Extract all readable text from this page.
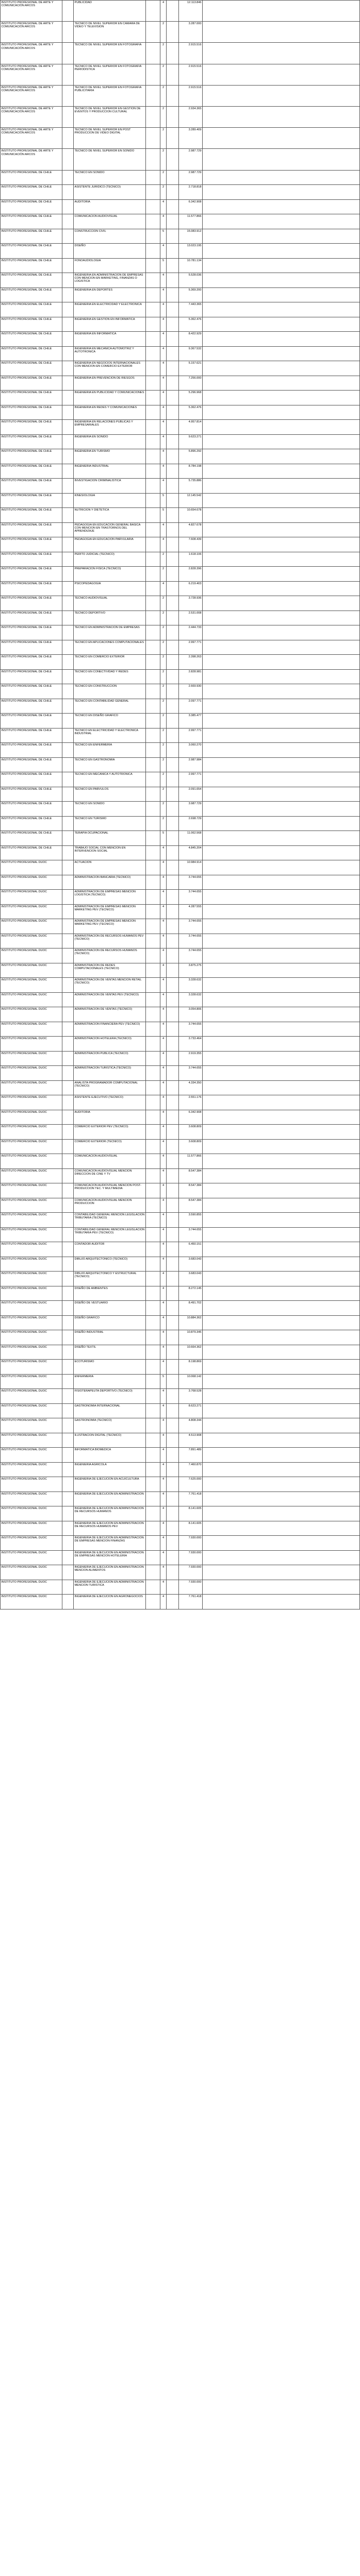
INSTITUTO PROFESIONAL DE ARTE Y COMUNICACIÓN ARCOS		PUBLICIDAD		4		12.113.846	
INSTITUTO PROFESIONAL DE ARTE Y COMUNICACIÓN ARCOS		TECNICO DE NIVEL SUPERIOR EN CAMARA DE VIDEO Y TELEVISION		2		3.287.000	
INSTITUTO PROFESIONAL DE ARTE Y COMUNICACIÓN ARCOS		TECNICO DE NIVEL SUPERIOR EN FOTOGRAFIA		2		2.915.516	
INSTITUTO PROFESIONAL DE ARTE Y COMUNICACIÓN ARCOS		TECNICO DE NIVEL SUPERIOR EN FOTOGRAFIA PERIODISTICA		2		2.915.516	
INSTITUTO PROFESIONAL DE ARTE Y COMUNICACIÓN ARCOS		TECNICO DE NIVEL SUPERIOR EN FOTOGRAFIA PUBLICITARIA		2		2.915.516	
INSTITUTO PROFESIONAL DE ARTE Y COMUNICACIÓN ARCOS		TECNICO DE NIVEL SUPERIOR EN GESTION DE EVENTOS Y PRODUCCION CULTURAL		2		2.934.365	
INSTITUTO PROFESIONAL DE ARTE Y COMUNICACIÓN ARCOS		TECNICO DE NIVEL SUPERIOR EN POST PRODUCCION DE VIDEO DIGITAL		2		3.289.409	
INSTITUTO PROFESIONAL DE ARTE Y COMUNICACIÓN ARCOS		TECNICO DE NIVEL SUPERIOR EN SONIDO		2		2.987.729	
INSTITUTO PROFESIONAL DE CHILE		TECNICO EN SONIDO		2		2.987.729	
INSTITUTO PROFESIONAL DE CHILE		ASISTENTE JURIDICO (TECNICO)		2		2.718.818	
INSTITUTO PROFESIONAL DE CHILE		AUDITORIA		4		6.342.908	
INSTITUTO PROFESIONAL DE CHILE		COMUNICACION AUDIOVISUAL		4		11.577.866	
INSTITUTO PROFESIONAL DE CHILE		CONSTRUCCION CIVIL		5		15.083.912	
INSTITUTO PROFESIONAL DE CHILE		DISEÑO		4		13.023.195	
INSTITUTO PROFESIONAL DE CHILE		FONOAUDIOLOGIA		5		10.781.134	
INSTITUTO PROFESIONAL DE CHILE		INGENIERIA EN ADMINISTRACION DE EMPRESAS CON MENCION EN MARKETING, FINANZAS O LOGISTICA		4		5.528.036	
INSTITUTO PROFESIONAL DE CHILE		INGENIERIA EN DEPORTES		4		5.369.200	
INSTITUTO PROFESIONAL DE CHILE		INGENIERIA EN ELECTRICIDAD Y ELECTRONICA		4		7.443.365	
INSTITUTO PROFESIONAL DE CHILE		INGENIERIA EN GESTION EN INFORMATICA		4		5.362.476	
INSTITUTO PROFESIONAL DE CHILE		INGENIERIA EN INFORMATICA		4		8.422.929	
INSTITUTO PROFESIONAL DE CHILE		INGENIERIA EN MECANICA AUTOMOTRIZ Y AUTOTRONICA		4		9.367.532	
INSTITUTO PROFESIONAL DE CHILE		INGENIERIA EN NEGOCIOS INTERNACIONALES CON MENCION EN COMERCIO EXTERIOR		4		5.157.621	
INSTITUTO PROFESIONAL DE CHILE		INGENIERIA EN PREVENCION DE RIESGOS		4		7.256.000	
INSTITUTO PROFESIONAL DE CHILE		INGENIERIA EN PUBLICIDAD Y COMUNICACIONES		4		5.296.968	
INSTITUTO PROFESIONAL DE CHILE		INGENIERIA EN REDES Y COMUNICACIONES		4		5.362.476	
INSTITUTO PROFESIONAL DE CHILE		INGENIERIA EN RELACIONES PUBLICAS Y EMPRESARIALES		4		4.957.814	
INSTITUTO PROFESIONAL DE CHILE		INGENIERIA EN SONIDO		4		9.623.271	
INSTITUTO PROFESIONAL DE CHILE		INGENIERIA EN TURISMO		4		5.896.292	
INSTITUTO PROFESIONAL DE CHILE		INGENIERIA INDUSTRIAL		4		8.784.198	
INSTITUTO PROFESIONAL DE CHILE		INVESTIGACION CRIMINALISTICA		4		5.735.886	
INSTITUTO PROFESIONAL DE CHILE		KINESIOLOGIA		5		12.145.542	
INSTITUTO PROFESIONAL DE CHILE		NUTRICION Y DIETETICA		5		10.654.678	
INSTITUTO PROFESIONAL DE CHILE		PEDAGOGIA EN EDUCACION GENERAL BASICA CON MENCION EN TRASTORNOS DEL APRENDIZAJE		4		4.827.678	
INSTITUTO PROFESIONAL DE CHILE		PEDAGOGIA EN EDUCACION PARVULARIA		4		7.608.439	
INSTITUTO PROFESIONAL DE CHILE		PERITO JUDICIAL (TECNICO)		2		1.618.106	
INSTITUTO PROFESIONAL DE CHILE		PREPARACION FISICA (TECNICO)		2		2.828.396	
INSTITUTO PROFESIONAL DE CHILE		PSICOPEDAGOGIA		4		6.219.403	
INSTITUTO PROFESIONAL DE CHILE		TECNICO AUDIOVISUAL		2		3.728.936	
INSTITUTO PROFESIONAL DE CHILE		TECNICO DEPORTIVO		2		2.531.008	
INSTITUTO PROFESIONAL DE CHILE		TECNICO EN ADMINISTRACION DE EMPRESAS		2		2.444.733	
INSTITUTO PROFESIONAL DE CHILE		TECNICO EN APLICACIONES COMPUTACIONALES		2		2.997.771	
INSTITUTO PROFESIONAL DE CHILE		TECNICO EN COMERCIO EXTERIOR		2		2.398.263	
INSTITUTO PROFESIONAL DE CHILE		TECNICO EN CONECTIVIDAD Y REDES		2		2.828.981	
INSTITUTO PROFESIONAL DE CHILE		TECNICO EN CONSTRUCCION		2		2.669.930	
INSTITUTO PROFESIONAL DE CHILE		TECNICO EN CONTABILIDAD GENERAL		2		2.097.771	
INSTITUTO PROFESIONAL DE CHILE		TECNICO EN DISEÑO GRAFICO		2		3.385.477	
INSTITUTO PROFESIONAL DE CHILE		TECNICO EN ELECTRICIDAD Y ELECTRONICA INDUSTRIAL		2		2.997.771	
INSTITUTO PROFESIONAL DE CHILE		TECNICO EN ENFERMERIA		2		3.060.270	
INSTITUTO PROFESIONAL DE CHILE		TECNICO EN GASTRONOMIA		2		2.987.984	
INSTITUTO PROFESIONAL DE CHILE		TECNICO EN MECANICA Y AUTOTRONICA		2		2.997.771	
INSTITUTO PROFESIONAL DE CHILE		TECNICO EN PARVULOS		2		2.091.654	
INSTITUTO PROFESIONAL DE CHILE		TECNICO EN SONIDO		2		3.987.729	
INSTITUTO PROFESIONAL DE CHILE		TECNICO EN TURISMO		2		2.698.729	
INSTITUTO PROFESIONAL DE CHILE		TERAPIA OCUPACIONAL		5		11.062.568	
INSTITUTO PROFESIONAL DE CHILE		TRABAJO SOCIAL CON MENCION EN INTERVENCION SOCIAL		4		4.845.204	
INSTITUTO PROFESIONAL DUOC		ACTUACION		4		10.984.914	
INSTITUTO PROFESIONAL DUOC		ADMINISTRACION BANCARIA (TECNICO)		4		3.744.655	
INSTITUTO PROFESIONAL DUOC		ADMINISTRACION DE EMPRESAS MENCION LOGISTICA (TECNICO)		4		3.744.655	
INSTITUTO PROFESIONAL DUOC		ADMINISTRACION DE EMPRESAS MENCION MARKETING PEV (TECNICO)		4		4.287.555	
INSTITUTO PROFESIONAL DUOC		ADMINISTRACION DE EMPRESAS MENCION MARKETING PEV (TECNICO)		4		3.744.655	
INSTITUTO PROFESIONAL DUOC		ADMINISTRACION DE RECURSOS HUMANOS PEV (TECNICO)		4		3.744.655	
INSTITUTO PROFESIONAL DUOC		ADMINISTRACION DE RECURSOS HUMANOS (TECNICO)		4		3.744.655	
INSTITUTO PROFESIONAL DUOC		ADMINISTRACION DE REDES COMPUTACIONALES (TECNICO)		4		3.875.275	
INSTITUTO PROFESIONAL DUOC		ADMINISTRACION DE VENTAS MENCION RETAIL (TECNICO)		4		3.328.632	
INSTITUTO PROFESIONAL DUOC		ADMINISTRACION DE VENTAS PEV (TECNICO)		4		3.328.632	
INSTITUTO PROFESIONAL DUOC		ADMINISTRACION DE VENTAS (TECNICO)		4		3.054.806	
INSTITUTO PROFESIONAL DUOC		ADMINISTRACION FINANCIERA PEV (TECNICO)		4		3.744.655	
INSTITUTO PROFESIONAL DUOC		ADMINISTRACION HOTELERA (TECNICO)		4		3.733.464	
INSTITUTO PROFESIONAL DUOC		ADMINISTRACION PUBLICA (TECNICO)		4		2.919.355	
INSTITUTO PROFESIONAL DUOC		ADMINISTRACION TURISTICA (TECNICO)		4		3.744.655	
INSTITUTO PROFESIONAL DUOC		ANALISTA PROGRAMADOR COMPUTACIONAL (TECNICO)		4		4.334.350	
INSTITUTO PROFESIONAL DUOC		ASISTENTE EJECUTIVO (TECNICO)		4		2.551.176	
INSTITUTO PROFESIONAL DUOC		AUDITORIA		4		6.342.908	
INSTITUTO PROFESIONAL DUOC		COMERCIO EXTERIOR PEV (TECNICO)		4		3.608.809	
INSTITUTO PROFESIONAL DUOC		COMERCIO EXTERIOR (TECNICO)		4		3.608.809	
INSTITUTO PROFESIONAL DUOC		COMUNICACION AUDIOVISUAL		4		11.577.866	
INSTITUTO PROFESIONAL DUOC		COMUNICACION AUDIOVISUAL MENCION DIRECCION DE CINE Y TV		4		8.547.384	
INSTITUTO PROFESIONAL DUOC		COMUNICACION AUDIOVISUAL MENCION POST-PRODUCCION TEC. Y MULTIMEDIA		4		8.547.384	
INSTITUTO PROFESIONAL DUOC		COMUNICACION AUDIOVISUAL MENCION PRODUCCION		4		8.547.384	
INSTITUTO PROFESIONAL DUOC		CONTABILIDAD GENERAL MENCION LEGISLACION TRIBUTARIA (TECNICO)		4		3.590.855	
INSTITUTO PROFESIONAL DUOC		CONTABILIDAD GENERAL MENCION LEGISLACION TRIBUTARIA PEV (TECNICO)		4		3.744.655	
INSTITUTO PROFESIONAL DUOC		CONTADOR AUDITOR		4		6.450.151	
INSTITUTO PROFESIONAL DUOC		DIBUJO ARQUITECTONICO (TECNICO)		4		3.683.043	
INSTITUTO PROFESIONAL DUOC		DIBUJO ARQUITECTONICO Y ESTRUCTURAL (TECNICO)		4		3.683.043	
INSTITUTO PROFESIONAL DUOC		DISEÑO DE AMBIENTES		4		8.272.145	
INSTITUTO PROFESIONAL DUOC		DISEÑO DE VESTUARIO		4		8.491.702	
INSTITUTO PROFESIONAL DUOC		DISEÑO GRAFICO		4		10.884.362	
INSTITUTO PROFESIONAL DUOC		DISEÑO INDUSTRIAL		4		10.879.345	
INSTITUTO PROFESIONAL DUOC		DISEÑO TEXTIL		4		10.664.362	
INSTITUTO PROFESIONAL DUOC		ECOTURISMO		4		8.198.869	
INSTITUTO PROFESIONAL DUOC		ENFERMERIA		5		10.068.142	
INSTITUTO PROFESIONAL DUOC		FISIOTERAPEUTA DEPORTIVO (TECNICO)		4		3.768.528	
INSTITUTO PROFESIONAL DUOC		GASTRONOMIA INTERNACIONAL		4		8.623.271	
INSTITUTO PROFESIONAL DUOC		GASTRONOMIA (TECNICO)		4		4.808.344	
INSTITUTO PROFESIONAL DUOC		ILUSTRACION DIGITAL (TECNICO)		4		4.513.908	
INSTITUTO PROFESIONAL DUOC		INFORMATICA BIOMEDICA		4		7.891.489	
INSTITUTO PROFESIONAL DUOC		INGENIERIA AGRICOLA		4		7.460.870	
INSTITUTO PROFESIONAL DUOC		INGENIERIA DE EJECUCION EN ACUICULTURA		4		7.625.000	
INSTITUTO PROFESIONAL DUOC		INGENIERIA DE EJECUCION EN ADMINISTRACION		4		7.761.418	
INSTITUTO PROFESIONAL DUOC		INGENIERIA DE EJECUCION EN ADMINISTRACION DE RECURSOS HUMANOS		4		8.141.605	
INSTITUTO PROFESIONAL DUOC		INGENIERIA DE EJECUCION EN ADMINISTRACION DE RECURSOS HUMANOS PEV		4		8.141.605	
INSTITUTO PROFESIONAL DUOC		INGENIERIA DE EJECUCION EN ADMINISTRACION DE EMPRESAS MENCION FINANZAS		4		7.930.000	
INSTITUTO PROFESIONAL DUOC		INGENIERIA DE EJECUCION EN ADMINISTRACION DE EMPRESAS MENCION HOTELERIA		4		7.930.000	
INSTITUTO PROFESIONAL DUOC		INGENIERIA DE EJECUCION EN ADMINISTRACION MENCION ALIMENTOS		4		7.930.000	
INSTITUTO PROFESIONAL DUOC		INGENIERIA DE EJECUCION EN ADMINISTRACION MENCION TURISTICA		4		7.930.000	
INSTITUTO PROFESIONAL DUOC		INGENIERIA DE EJECUCION EN AGRONEGOCIOS		4		7.761.418	
